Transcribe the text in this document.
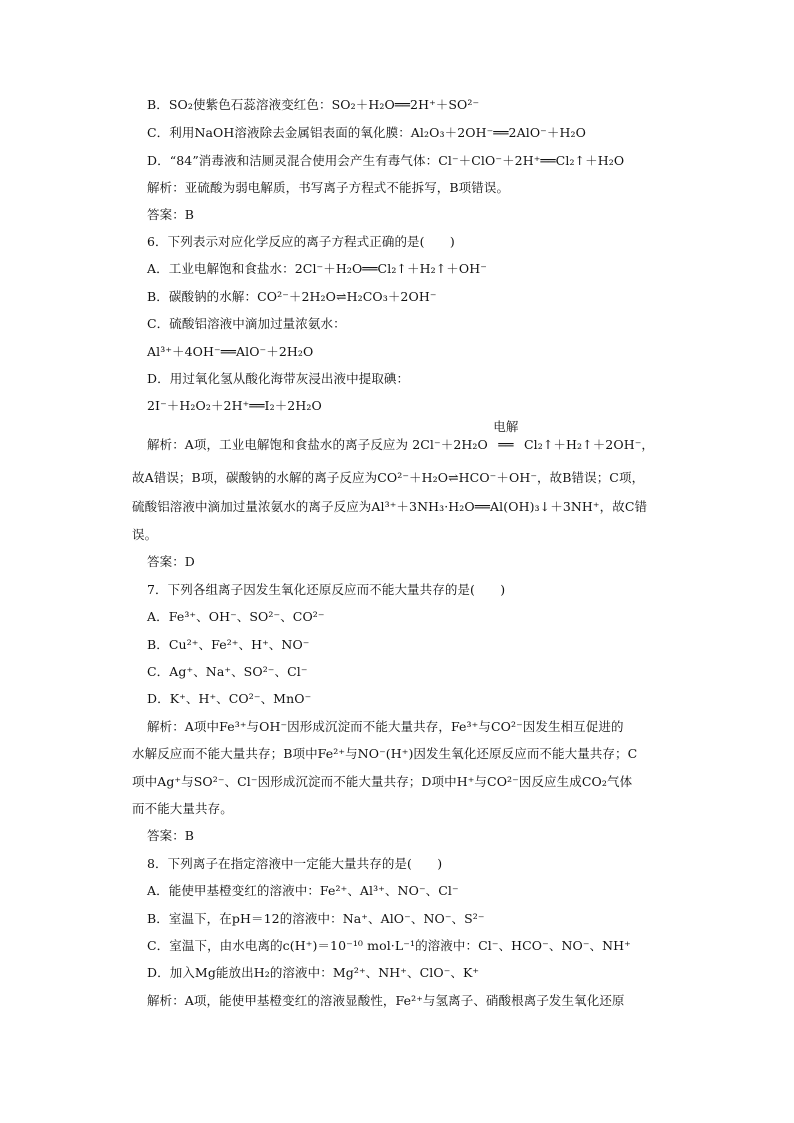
B．SO₂使紫色石蕊溶液变红色：SO₂＋H₂O══2H⁺＋SO²⁻
C．利用NaOH溶液除去金属铝表面的氧化膜：Al₂O₃＋2OH⁻══2AlO⁻＋H₂O
D．“84”消毒液和洁厕灵混合使用会产生有毒气体：Cl⁻＋ClO⁻＋2H⁺══Cl₂↑＋H₂O
解析：亚硫酸为弱电解质，书写离子方程式不能拆写，B项错误。
答案：B
6．下列表示对应化学反应的离子方程式正确的是(　　)
A．工业电解饱和食盐水：2Cl⁻＋H₂O══Cl₂↑＋H₂↑＋OH⁻
B．碳酸钠的水解：CO²⁻＋2H₂O⇌H₂CO₃＋2OH⁻
C．硫酸铝溶液中滴加过量浓氨水：
Al³⁺＋4OH⁻══AlO⁻＋2H₂O
D．用过氧化氢从酸化海带灰浸出液中提取碘：
2I⁻＋H₂O₂＋2H⁺══I₂＋2H₂O
解析：A项，工业电解饱和食盐水的离子反应为 2Cl⁻＋2H₂O
电解
══ Cl₂↑＋H₂↑＋2OH⁻，
故A错误；B项，碳酸钠的水解的离子反应为CO²⁻＋H₂O⇌HCO⁻＋OH⁻，故B错误；C项，
硫酸铝溶液中滴加过量浓氨水的离子反应为Al³⁺＋3NH₃·H₂O══Al(OH)₃↓＋3NH⁺，故C错
误。
答案：D
7．下列各组离子因发生氧化还原反应而不能大量共存的是(　　)
A．Fe³⁺、OH⁻、SO²⁻、CO²⁻
B．Cu²⁺、Fe²⁺、H⁺、NO⁻
C．Ag⁺、Na⁺、SO²⁻、Cl⁻
D．K⁺、H⁺、CO²⁻、MnO⁻
解析：A项中Fe³⁺与OH⁻因形成沉淀而不能大量共存，Fe³⁺与CO²⁻因发生相互促进的
水解反应而不能大量共存；B项中Fe²⁺与NO⁻(H⁺)因发生氧化还原反应而不能大量共存；C
项中Ag⁺与SO²⁻、Cl⁻因形成沉淀而不能大量共存；D项中H⁺与CO²⁻因反应生成CO₂气体
而不能大量共存。
答案：B
8．下列离子在指定溶液中一定能大量共存的是(　　)
A．能使甲基橙变红的溶液中：Fe²⁺、Al³⁺、NO⁻、Cl⁻
B．室温下，在pH＝12的溶液中：Na⁺、AlO⁻、NO⁻、S²⁻
C．室温下，由水电离的c(H⁺)＝10⁻¹⁰ mol·L⁻¹的溶液中：Cl⁻、HCO⁻、NO⁻、NH⁺
D．加入Mg能放出H₂的溶液中：Mg²⁺、NH⁺、ClO⁻、K⁺
解析：A项，能使甲基橙变红的溶液显酸性，Fe²⁺与氢离子、硝酸根离子发生氧化还原
